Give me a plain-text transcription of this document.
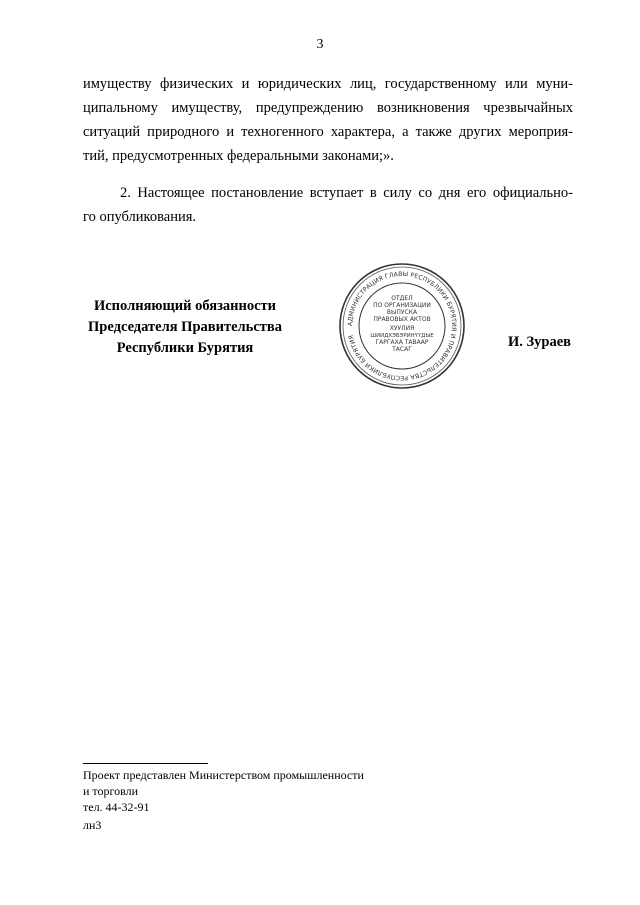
3
имуществу физических и юридических лиц, государственному или муни-
ципальному имуществу, предупреждению возникновения чрезвычайных
ситуаций природного и техногенного характера, а также других мероприя-
тий, предусмотренных федеральными законами;».
2. Настоящее постановление вступает в силу со дня его официально-
го опубликования.
Исполняющий обязанности
Председателя Правительства
Республики Бурятия
АДМИНИСТРАЦИЯ ГЛАВЫ РЕСПУБЛИКИ БУРЯТИЯ И ПРАВИТЕЛЬСТВА РЕСПУБЛИКИ БУРЯТИЯ
ОТДЕЛ
ПО ОРГАНИЗАЦИИ
ВЫПУСКА
ПРАВОВЫХ АКТОВ
ХУУЛИЯ
ШИИДХЭБЭРИНҮҮДЫЕ
ГАРГАХА ТАВААР
ТАСАГ	И. Зураев
Проект представлен Министерством промышленности
и торговли
тел. 44-32-91
лн3
